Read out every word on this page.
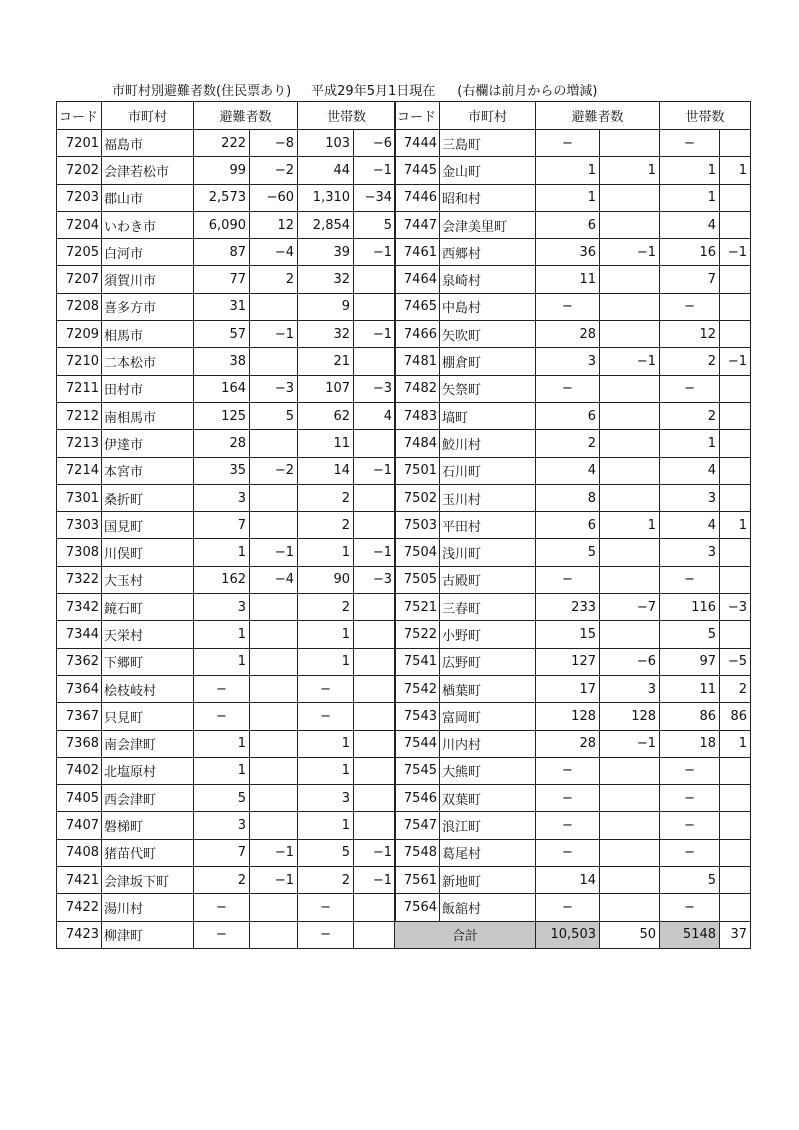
市町村別避難者数(住民票あり) 平成29年5月1日現在 (右欄は前月からの増減)
コード	市町村	避難者数		世帯数	
7201	福島市	222	−8	103	−6
7202	会津若松市	99	−2	44	−1
7203	郡山市	2,573	−60	1,310	−34
7204	いわき市	6,090	12	2,854	5
7205	白河市	87	−4	39	−1
7207	須賀川市	77	2	32	
7208	喜多方市	31		9	
7209	相馬市	57	−1	32	−1
7210	二本松市	38		21	
7211	田村市	164	−3	107	−3
7212	南相馬市	125	5	62	4
7213	伊達市	28		11	
7214	本宮市	35	−2	14	−1
7301	桑折町	3		2	
7303	国見町	7		2	
7308	川俣町	1	−1	1	−1
7322	大玉村	162	−4	90	−3
7342	鏡石町	3		2	
7344	天栄村	1		1	
7362	下郷町	1		1	
7364	桧枝岐村	−		−	
7367	只見町	−		−	
7368	南会津町	1		1	
7402	北塩原村	1		1	
7405	西会津町	5		3	
7407	磐梯町	3		1	
7408	猪苗代町	7	−1	5	−1
7421	会津坂下町	2	−1	2	−1
7422	湯川村	−		−	
7423	柳津町	−		−	
コード	市町村	避難者数		世帯数	
7444	三島町	−		−	
7445	金山町	1	1	1	1
7446	昭和村	1		1	
7447	会津美里町	6		4	
7461	西郷村	36	−1	16	−1
7464	泉崎村	11		7	
7465	中島村	−		−	
7466	矢吹町	28		12	
7481	棚倉町	3	−1	2	−1
7482	矢祭町	−		−	
7483	塙町	6		2	
7484	鮫川村	2		1	
7501	石川町	4		4	
7502	玉川村	8		3	
7503	平田村	6	1	4	1
7504	浅川町	5		3	
7505	古殿町	−		−	
7521	三春町	233	−7	116	−3
7522	小野町	15		5	
7541	広野町	127	−6	97	−5
7542	楢葉町	17	3	11	2
7543	富岡町	128	128	86	86
7544	川内村	28	−1	18	1
7545	大熊町	−		−	
7546	双葉町	−		−	
7547	浪江町	−		−	
7548	葛尾村	−		−	
7561	新地町	14		5	
7564	飯舘村	−		−	
合計		10,503	50	5148	37
